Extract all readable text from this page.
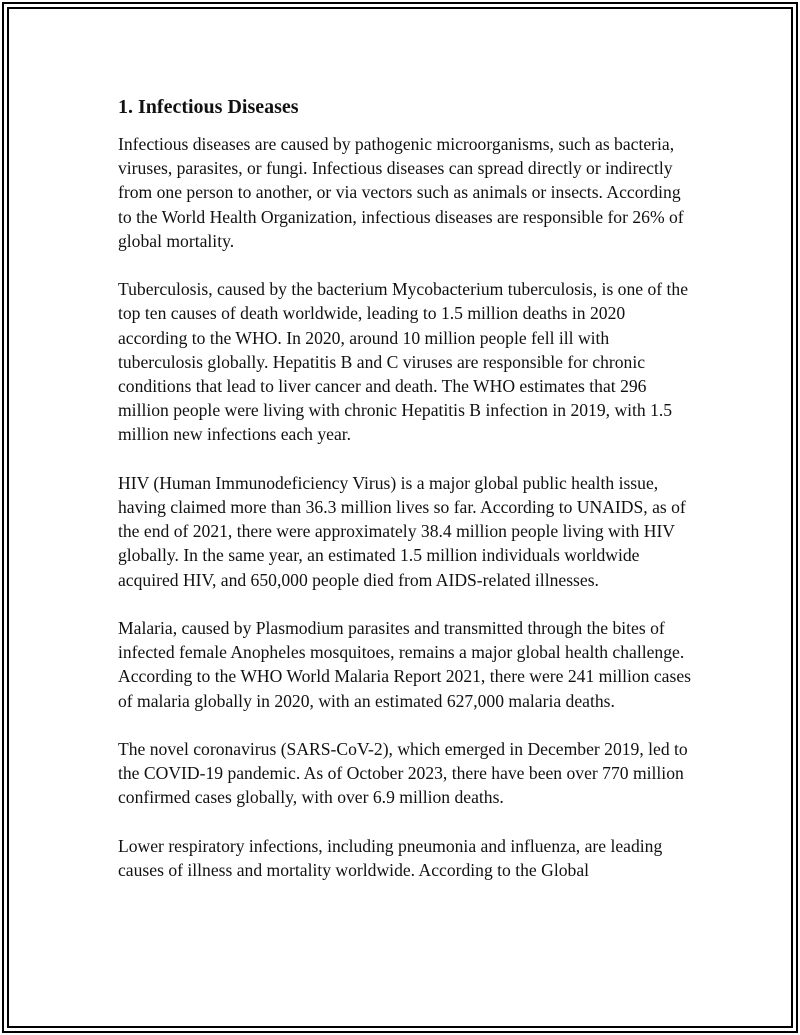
1. Infectious Diseases

Infectious diseases are caused by pathogenic microorganisms, such as bacteria, viruses, parasites, or fungi. Infectious diseases can spread directly or indirectly from one person to another, or via vectors such as animals or insects. According to the World Health Organization, infectious diseases are responsible for 26% of global mortality.

Tuberculosis, caused by the bacterium Mycobacterium tuberculosis, is one of the top ten causes of death worldwide, leading to 1.5 million deaths in 2020 according to the WHO. In 2020, around 10 million people fell ill with tuberculosis globally. Hepatitis B and C viruses are responsible for chronic conditions that lead to liver cancer and death. The WHO estimates that 296 million people were living with chronic Hepatitis B infection in 2019, with 1.5 million new infections each year.

HIV (Human Immunodeficiency Virus) is a major global public health issue, having claimed more than 36.3 million lives so far. According to UNAIDS, as of the end of 2021, there were approximately 38.4 million people living with HIV globally. In the same year, an estimated 1.5 million individuals worldwide acquired HIV, and 650,000 people died from AIDS-related illnesses.

Malaria, caused by Plasmodium parasites and transmitted through the bites of infected female Anopheles mosquitoes, remains a major global health challenge. According to the WHO World Malaria Report 2021, there were 241 million cases of malaria globally in 2020, with an estimated 627,000 malaria deaths.

The novel coronavirus (SARS-CoV-2), which emerged in December 2019, led to the COVID-19 pandemic. As of October 2023, there have been over 770 million confirmed cases globally, with over 6.9 million deaths.

Lower respiratory infections, including pneumonia and influenza, are leading causes of illness and mortality worldwide. According to the Global
